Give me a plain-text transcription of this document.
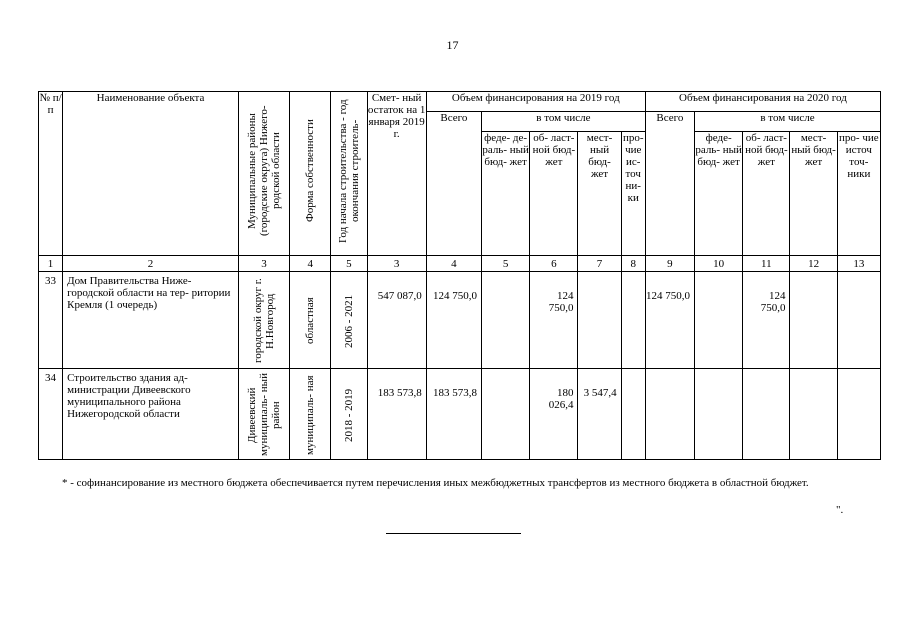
17
№ п/ п	Наименование объекта	Муниципальные районы (городские округа) Нижего- родской области	Форма собственности	Год начала строительства - год окончания строитель-	Смет- ный остаток на 1 января 2019 г.	Объем финансирования на 2019 год					Объем финансирования на 2020 год				
						Всего	в том числе				Всего	в том числе			
							феде- де- раль- ный бюд- жет	об- ласт- ной бюд- жет	мест- ный бюд- жет	про- чие ис- точ ни- ки		феде- раль- ный бюд- жет	об- ласт- ной бюд- жет	мест- ный бюд- жет	про- чие источ точ- ники
1	2	3	4	5	3	4	5	6	7	8	9	10	11	12	13
33	Дом Правительства Ниже- городской области на тер- ритории Кремля (1 очередь)	городской округ г. Н.Новгород	областная	2006 - 2021	547 087,0	124 750,0		124 750,0			124 750,0		124 750,0		
34	Строительство здания ад- министрации Дивеевского муниципального района Нижегородской области	Дивеевский муниципаль- ный район	муниципаль- ная	2018 - 2019	183 573,8	183 573,8		180 026,4	3 547,4						
* - софинансирование из местного бюджета обеспечивается путем перечисления иных межбюджетных трансфертов из местного бюджета в областной бюджет.
".
